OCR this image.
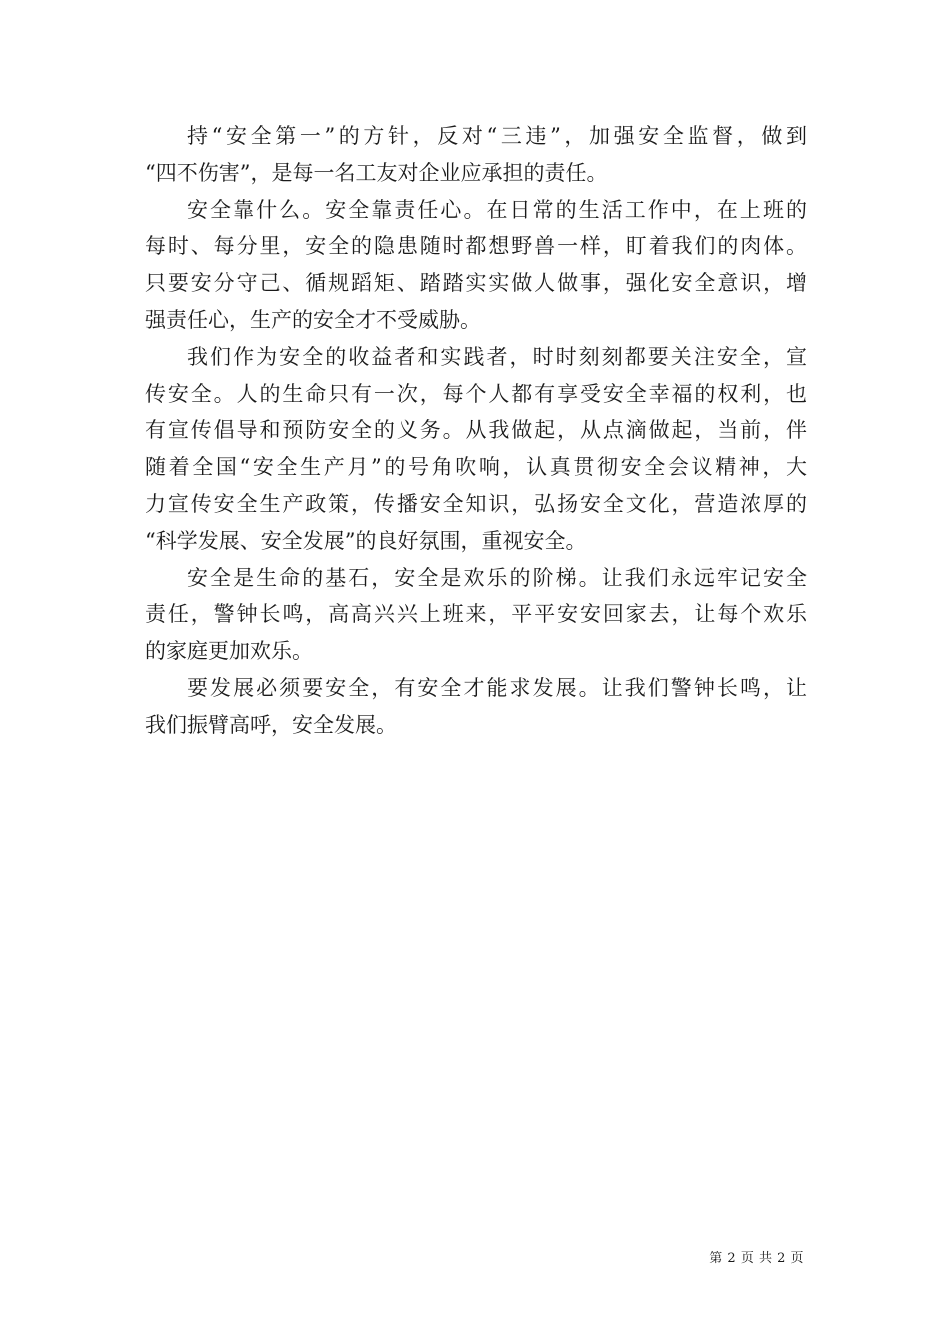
持“安全第一”的方针，反对“三违”，加强安全监督，做到
“四不伤害”，是每一名工友对企业应承担的责任。
安全靠什么。安全靠责任心。在日常的生活工作中，在上班的
每时、每分里，安全的隐患随时都想野兽一样，盯着我们的肉体。
只要安分守己、循规蹈矩、踏踏实实做人做事，强化安全意识，增
强责任心，生产的安全才不受威胁。
我们作为安全的收益者和实践者，时时刻刻都要关注安全，宣
传安全。人的生命只有一次，每个人都有享受安全幸福的权利，也
有宣传倡导和预防安全的义务。从我做起，从点滴做起，当前，伴
随着全国“安全生产月”的号角吹响，认真贯彻安全会议精神，大
力宣传安全生产政策，传播安全知识，弘扬安全文化，营造浓厚的
“科学发展、安全发展”的良好氛围，重视安全。
安全是生命的基石，安全是欢乐的阶梯。让我们永远牢记安全
责任，警钟长鸣，高高兴兴上班来，平平安安回家去，让每个欢乐
的家庭更加欢乐。
要发展必须要安全，有安全才能求发展。让我们警钟长鸣，让
我们振臂高呼，安全发展。
第 2 页 共 2 页
